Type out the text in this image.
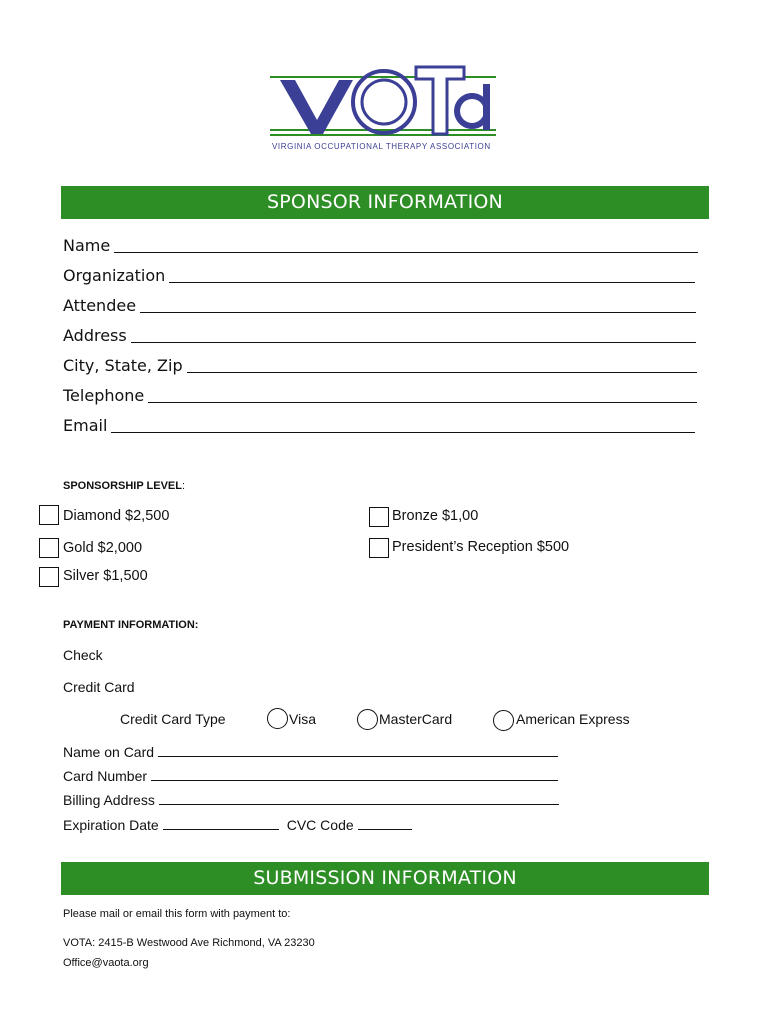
VIRGINIA OCCUPATIONAL THERAPY ASSOCIATION
SPONSOR INFORMATION
Name
Organization
Attendee
Address
City, State, Zip
Telephone
Email
SPONSORSHIP LEVEL:
Diamond $2,500	Bronze $1,00
Gold $2,000	President’s Reception $500
Silver $1,500
PAYMENT INFORMATION:
Check
Credit Card
Credit Card Type	Visa	MasterCard	American Express
Name on Card
Card Number
Billing Address
Expiration Date	CVC Code
SUBMISSION INFORMATION
Please mail or email this form with payment to:
VOTA: 2415-B Westwood Ave Richmond, VA 23230
Office@vaota.org
